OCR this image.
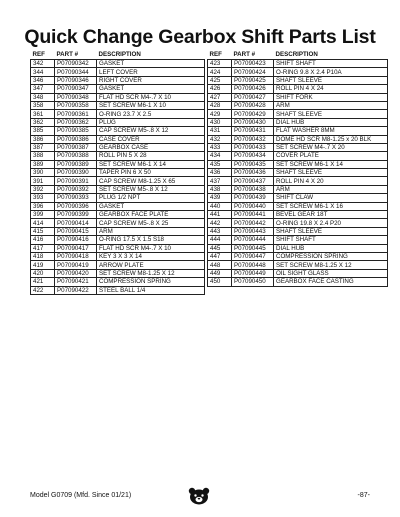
Quick Change Gearbox Shift Parts List
REF	PART #	DESCRIPTION
342	P07090342	GASKET
344	P07090344	LEFT COVER
346	P07090346	RIGHT COVER
347	P07090347	GASKET
348	P07090348	FLAT HD SCR M4-.7 X 10
358	P07090358	SET SCREW M6-1 X 10
361	P07090361	O-RING 23.7 X 2.5
362	P07090362	PLUG
385	P07090385	CAP SCREW M5-.8 X 12
386	P07090386	CASE COVER
387	P07090387	GEARBOX CASE
388	P07090388	ROLL PIN 5 X 28
389	P07090389	SET SCREW M6-1 X 14
390	P07090390	TAPER PIN 6 X 50
391	P07090391	CAP SCREW M8-1.25 X 65
392	P07090392	SET SCREW M5-.8 X 12
393	P07090393	PLUG 1/2 NPT
396	P07090396	GASKET
399	P07090399	GEARBOX FACE PLATE
414	P07090414	CAP SCREW M5-.8 X 25
415	P07090415	ARM
416	P07090416	O-RING 17.5 X 1.5 S18
417	P07090417	FLAT HD SCR M4-.7 X 10
418	P07090418	KEY 3 X 3 X 14
419	P07090419	ARROW PLATE
420	P07090420	SET SCREW M8-1.25 X 12
421	P07090421	COMPRESSION SPRING
422	P07090422	STEEL BALL 1/4
REF	PART #	DESCRIPTION
423	P07090423	SHIFT SHAFT
424	P07090424	O-RING 9.8 X 2.4 P10A
425	P07090425	SHAFT SLEEVE
426	P07090426	ROLL PIN 4 X 24
427	P07090427	SHIFT FORK
428	P07090428	ARM
429	P07090429	SHAFT SLEEVE
430	P07090430	DIAL HUB
431	P07090431	FLAT WASHER 8MM
432	P07090432	DOME HD SCR M8-1.25 x 20 BLK
433	P07090433	SET SCREW M4-.7 X 20
434	P07090434	COVER PLATE
435	P07090435	SET SCREW M6-1 X 14
436	P07090436	SHAFT SLEEVE
437	P07090437	ROLL PIN 4 X 20
438	P07090438	ARM
439	P07090439	SHIFT CLAW
440	P07090440	SET SCREW M6-1 X 16
441	P07090441	BEVEL GEAR 18T
442	P07090442	O-RING 19.8 X 2.4 P20
443	P07090443	SHAFT SLEEVE
444	P07090444	SHIFT SHAFT
445	P07090445	DIAL HUB
447	P07090447	COMPRESSION SPRING
448	P07090448	SET SCREW M8-1.25 X 12
449	P07090449	OIL SIGHT GLASS
450	P07090450	GEARBOX FACE CASTING
Model G0709 (Mfd. Since 01/21)	-87-
